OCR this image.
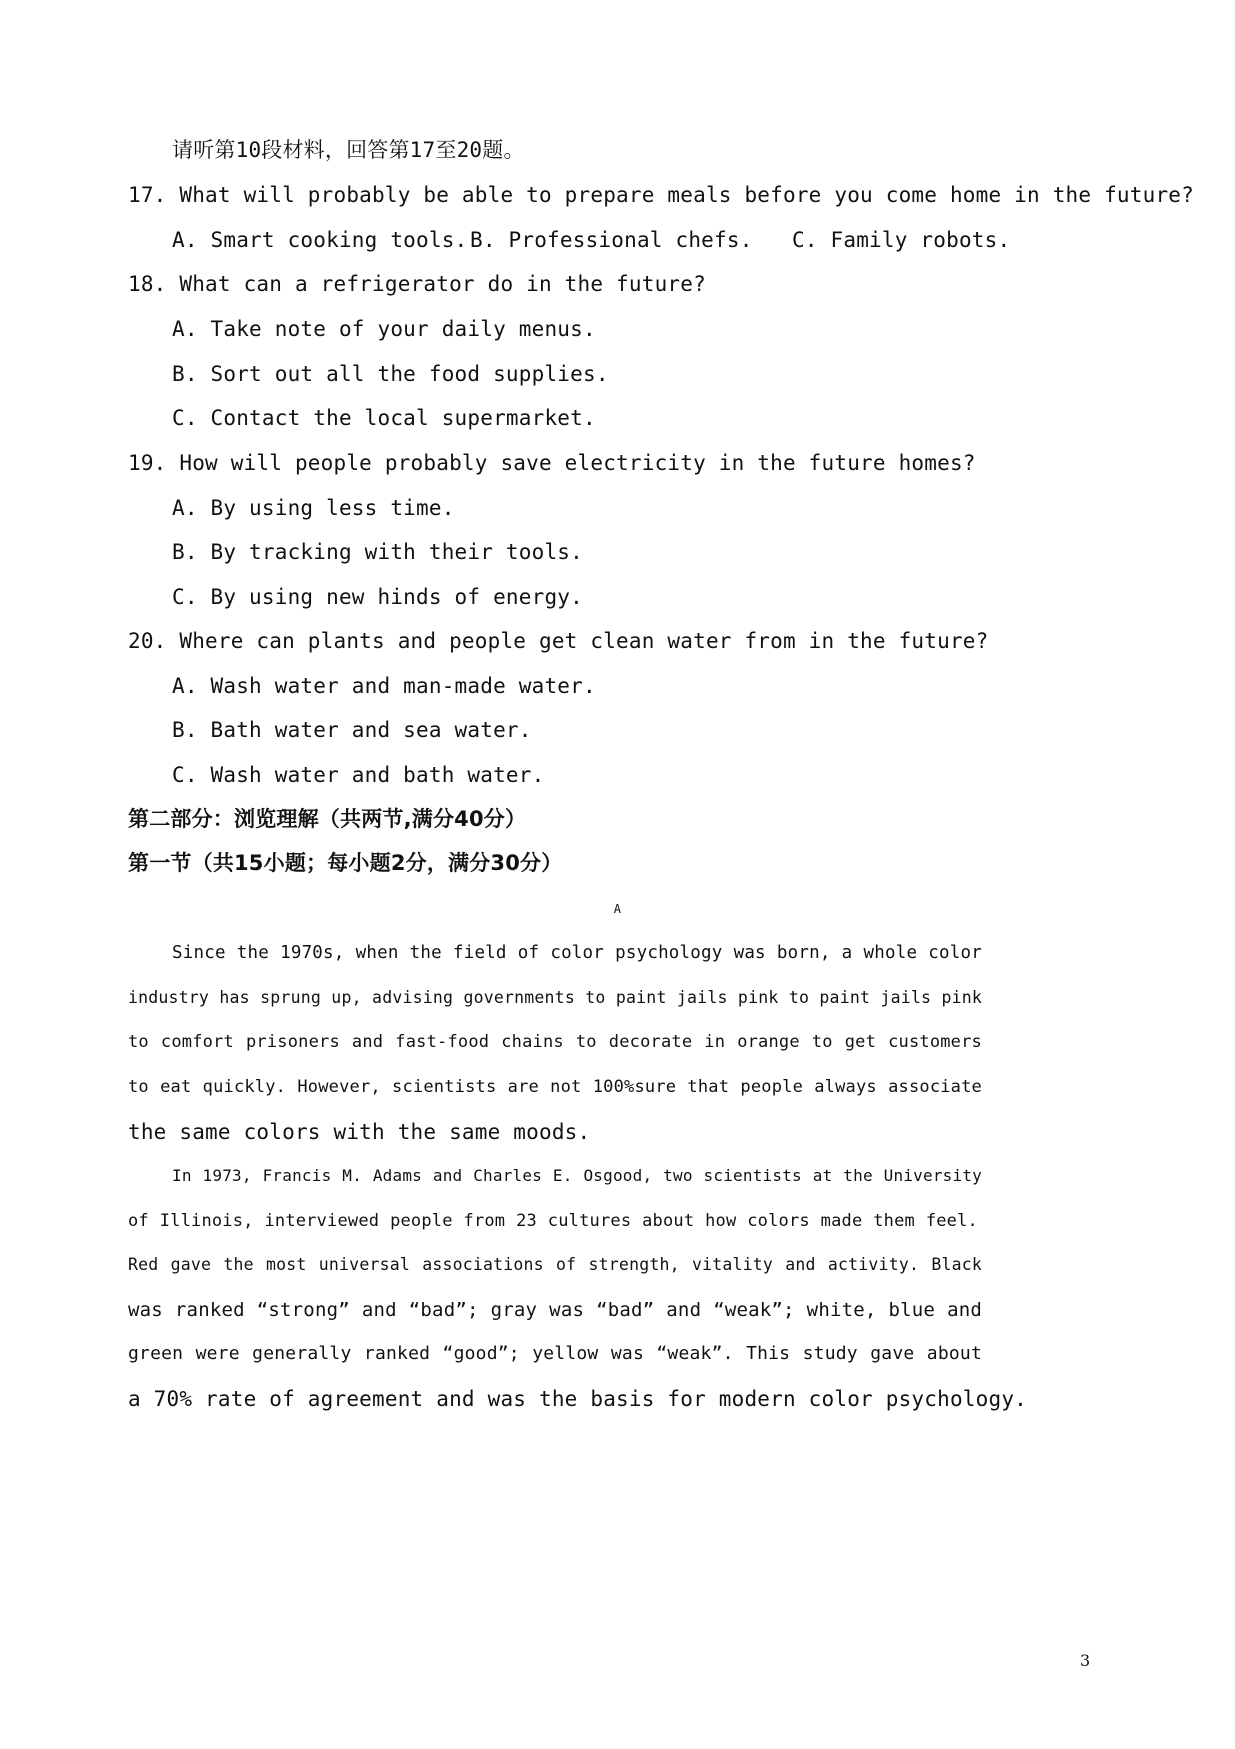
请听第10段材料，回答第17至20题。
17. What will probably be able to prepare meals before you come home in the future?
A. Smart cooking tools. B. Professional chefs. C. Family robots.
18. What can a refrigerator do in the future?
A. Take note of your daily menus.
B. Sort out all the food supplies.
C. Contact the local supermarket.
19. How will people probably save electricity in the future homes?
A. By using less time.
B. By tracking with their tools.
C. By using new hinds of energy.
20. Where can plants and people get clean water from in the future?
A. Wash water and man-made water.
B. Bath water and sea water.
C. Wash water and bath water.
第二部分：浏览理解（共两节,满分40分）
第一节（共15小题；每小题2分，满分30分）
A
Since the 1970s, when the field of color psychology was born, a whole color
industry has sprung up, advising governments to paint jails pink to paint jails pink
to comfort prisoners and fast-food chains to decorate in orange to get customers
to eat quickly. However, scientists are not 100%sure that people always associate
the same colors with the same moods.
In 1973, Francis M. Adams and Charles E. Osgood, two scientists at the University
of Illinois, interviewed people from 23 cultures about how colors made them feel.
Red gave the most universal associations of strength, vitality and activity. Black
was ranked “strong” and “bad”; gray was “bad” and “weak”; white, blue and
green were generally ranked “good”; yellow was “weak”. This study gave about
a 70% rate of agreement and was the basis for modern color psychology.
3
